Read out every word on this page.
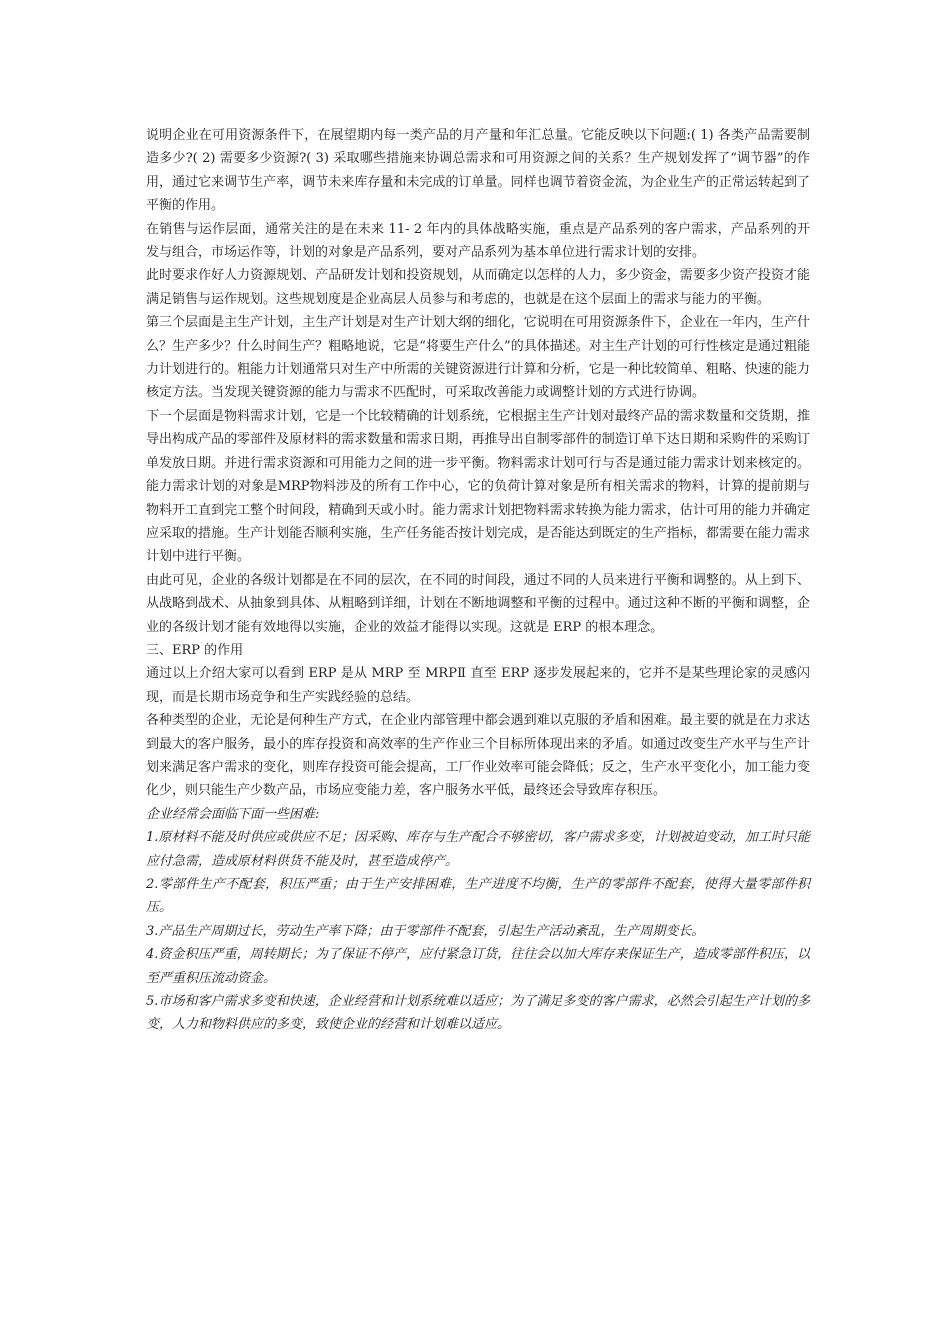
说明企业在可用资源条件下，在展望期内每一类产品的月产量和年汇总量。它能反映以下问题:( 1) 各类产品需要制造多少?( 2) 需要多少资源?( 3) 采取哪些措施来协调总需求和可用资源之间的关系？生产规划发挥了“调节器”的作用，通过它来调节生产率，调节未来库存量和未完成的订单量。同样也调节着资金流，为企业生产的正常运转起到了平衡的作用。

在销售与运作层面，通常关注的是在未来 11- 2 年内的具体战略实施，重点是产品系列的客户需求，产品系列的开发与组合，市场运作等，计划的对象是产品系列，要对产品系列为基本单位进行需求计划的安排。

此时要求作好人力资源规划、产品研发计划和投资规划，从而确定以怎样的人力，多少资金，需要多少资产投资才能满足销售与运作规划。这些规划度是企业高层人员参与和考虑的，也就是在这个层面上的需求与能力的平衡。

第三个层面是主生产计划，主生产计划是对生产计划大纲的细化，它说明在可用资源条件下，企业在一年内，生产什么？生产多少？什么时间生产？粗略地说，它是“将要生产什么”的具体描述。对主生产计划的可行性核定是通过粗能力计划进行的。粗能力计划通常只对生产中所需的关键资源进行计算和分析，它是一种比较简单、粗略、快速的能力核定方法。当发现关键资源的能力与需求不匹配时，可采取改善能力或调整计划的方式进行协调。

下一个层面是物料需求计划，它是一个比较精确的计划系统，它根据主生产计划对最终产品的需求数量和交货期，推导出构成产品的零部件及原材料的需求数量和需求日期，再推导出自制零部件的制造订单下达日期和采购件的采购订单发放日期。并进行需求资源和可用能力之间的进一步平衡。物料需求计划可行与否是通过能力需求计划来核定的。能力需求计划的对象是MRP物料涉及的所有工作中心，它的负荷计算对象是所有相关需求的物料，计算的提前期与物料开工直到完工整个时间段，精确到天或小时。能力需求计划把物料需求转换为能力需求，估计可用的能力并确定应采取的措施。生产计划能否顺利实施，生产任务能否按计划完成，是否能达到既定的生产指标，都需要在能力需求计划中进行平衡。

由此可见，企业的各级计划都是在不同的层次，在不同的时间段，通过不同的人员来进行平衡和调整的。从上到下、从战略到战术、从抽象到具体、从粗略到详细，计划在不断地调整和平衡的过程中。通过这种不断的平衡和调整，企业的各级计划才能有效地得以实施，企业的效益才能得以实现。这就是 ERP 的根本理念。

三、ERP 的作用

通过以上介绍大家可以看到 ERP 是从 MRP 至 MRPⅡ 直至 ERP 逐步发展起来的，它并不是某些理论家的灵感闪现，而是长期市场竞争和生产实践经验的总结。

各种类型的企业，无论是何种生产方式，在企业内部管理中都会遇到难以克服的矛盾和困难。最主要的就是在力求达到最大的客户服务，最小的库存投资和高效率的生产作业三个目标所体现出来的矛盾。如通过改变生产水平与生产计划来满足客户需求的变化，则库存投资可能会提高，工厂作业效率可能会降低；反之，生产水平变化小，加工能力变化少，则只能生产少数产品，市场应变能力差，客户服务水平低，最终还会导致库存积压。

企业经常会面临下面一些困难:

1.原材料不能及时供应或供应不足；因采购、库存与生产配合不够密切，客户需求多变，计划被迫变动，加工时只能应付急需，造成原材料供货不能及时，甚至造成停产。

2.零部件生产不配套，积压严重；由于生产安排困难，生产进度不均衡，生产的零部件不配套，使得大量零部件积压。

3.产品生产周期过长，劳动生产率下降；由于零部件不配套，引起生产活动紊乱，生产周期变长。

4.资金积压严重，周转期长；为了保证不停产，应付紧急订货，往往会以加大库存来保证生产，造成零部件积压，以至严重积压流动资金。

5.市场和客户需求多变和快速，企业经营和计划系统难以适应；为了满足多变的客户需求，必然会引起生产计划的多变，人力和物料供应的多变，致使企业的经营和计划难以适应。
